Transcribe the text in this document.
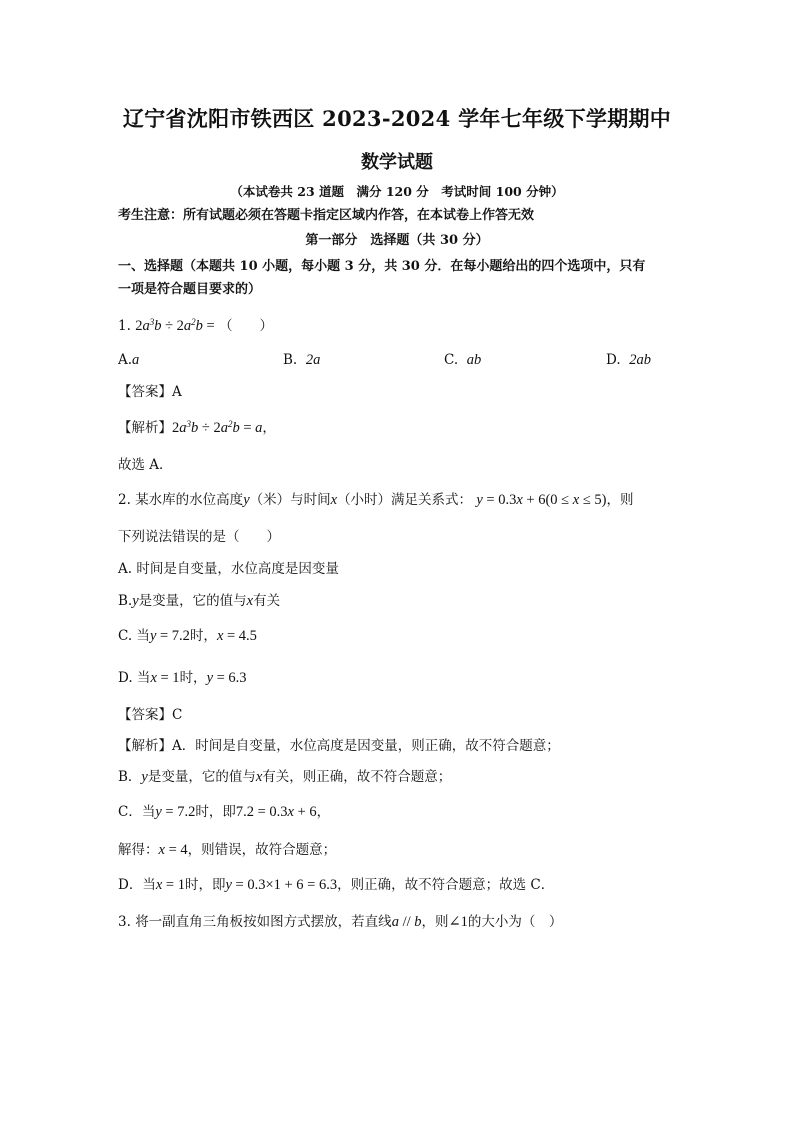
辽宁省沈阳市铁西区 2023-2024 学年七年级下学期期中
数学试题
（本试卷共 23 道题　满分 120 分　考试时间 100 分钟）
考生注意：所有试题必须在答题卡指定区域内作答，在本试卷上作答无效
第一部分　选择题（共 30 分）
一、选择题（本题共 10 小题，每小题 3 分，共 30 分．在每小题给出的四个选项中，只有
一项是符合题目要求的）
1. $2a^3b \div 2a^2b$ = （　　）
A.a	B. 2a	C. ab	D. 2ab
【答案】A
【解析】$2a^3b \div 2a^2b = a$，
故选 A．
2. 某水库的水位高度y（米）与时间x（小时）满足关系式： y = 0.3x + 6(0 ≤ x ≤ 5)，则
下列说法错误的是（　　）
A. 时间是自变量，水位高度是因变量
B.y是变量，它的值与x有关
C. 当y = 7.2时，x = 4.5
D. 当x = 1时，y = 6.3
【答案】C
【解析】A．时间是自变量，水位高度是因变量，则正确，故不符合题意；
B．y是变量，它的值与x有关，则正确，故不符合题意；
C．当y = 7.2时，即7.2 = 0.3x + 6，
解得：x = 4，则错误，故符合题意；
D．当x = 1时，即y = 0.3×1 + 6 = 6.3，则正确，故不符合题意；故选 C．
3. 将一副直角三角板按如图方式摆放，若直线a // b，则∠1的大小为（　）
